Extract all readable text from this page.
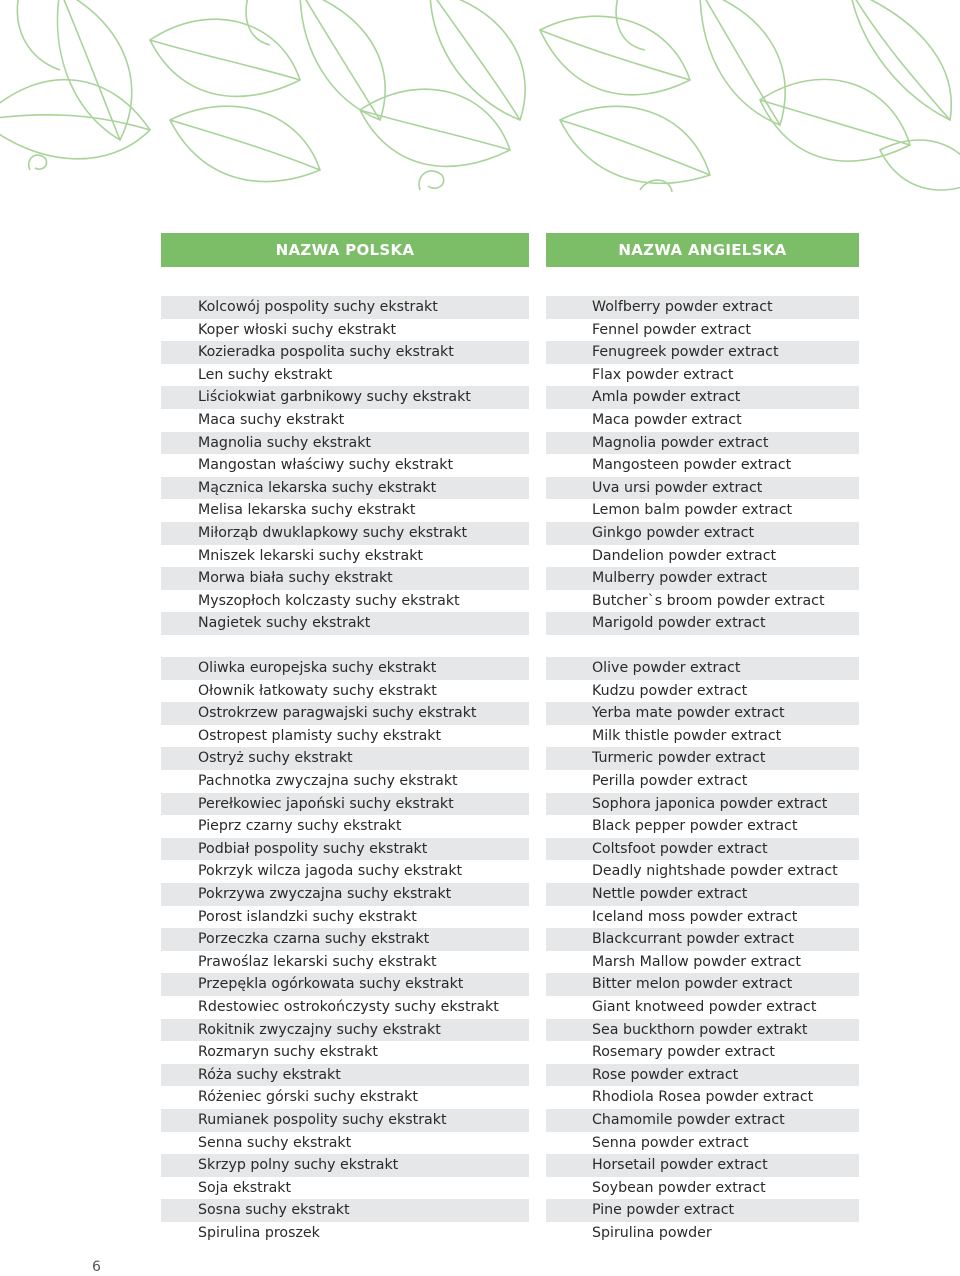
NAZWA POLSKA	NAZWA ANGIELSKA
Kolcowój pospolity suchy ekstrakt	Wolfberry powder extract
Koper włoski suchy ekstrakt	Fennel powder extract
Kozieradka pospolita suchy ekstrakt	Fenugreek powder extract
Len suchy ekstrakt	Flax powder extract
Liściokwiat garbnikowy suchy ekstrakt	Amla powder extract
Maca suchy ekstrakt	Maca powder extract
Magnolia suchy ekstrakt	Magnolia powder extract
Mangostan właściwy suchy ekstrakt	Mangosteen powder extract
Mącznica lekarska suchy ekstrakt	Uva ursi powder extract
Melisa lekarska suchy ekstrakt	Lemon balm powder extract
Miłorząb dwuklapkowy suchy ekstrakt	Ginkgo powder extract
Mniszek lekarski suchy ekstrakt	Dandelion powder extract
Morwa biała suchy ekstrakt	Mulberry powder extract
Myszopłoch kolczasty suchy ekstrakt	Butcher`s broom powder extract
Nagietek suchy ekstrakt	Marigold powder extract
Oliwka europejska suchy ekstrakt	Olive powder extract
Ołownik łatkowaty suchy ekstrakt	Kudzu powder extract
Ostrokrzew paragwajski suchy ekstrakt	Yerba mate powder extract
Ostropest plamisty suchy ekstrakt	Milk thistle powder extract
Ostryż suchy ekstrakt	Turmeric powder extract
Pachnotka zwyczajna suchy ekstrakt	Perilla powder extract
Perełkowiec japoński suchy ekstrakt	Sophora japonica powder extract
Pieprz czarny suchy ekstrakt	Black pepper powder extract
Podbiał pospolity suchy ekstrakt	Coltsfoot powder extract
Pokrzyk wilcza jagoda suchy ekstrakt	Deadly nightshade powder extract
Pokrzywa zwyczajna suchy ekstrakt	Nettle powder extract
Porost islandzki suchy ekstrakt	Iceland moss powder extract
Porzeczka czarna suchy ekstrakt	Blackcurrant powder extract
Prawoślaz lekarski suchy ekstrakt	Marsh Mallow powder extract
Przepękla ogórkowata suchy ekstrakt	Bitter melon powder extract
Rdestowiec ostrokończysty suchy ekstrakt	Giant knotweed powder extract
Rokitnik zwyczajny suchy ekstrakt	Sea buckthorn powder extrakt
Rozmaryn suchy ekstrakt	Rosemary powder extract
Róża suchy ekstrakt	Rose powder extract
Różeniec górski suchy ekstrakt	Rhodiola Rosea powder extract
Rumianek pospolity suchy ekstrakt	Chamomile powder extract
Senna suchy ekstrakt	Senna powder extract
Skrzyp polny suchy ekstrakt	Horsetail powder extract
Soja ekstrakt	Soybean powder extract
Sosna suchy ekstrakt	Pine powder extract
Spirulina proszek	Spirulina powder
6
